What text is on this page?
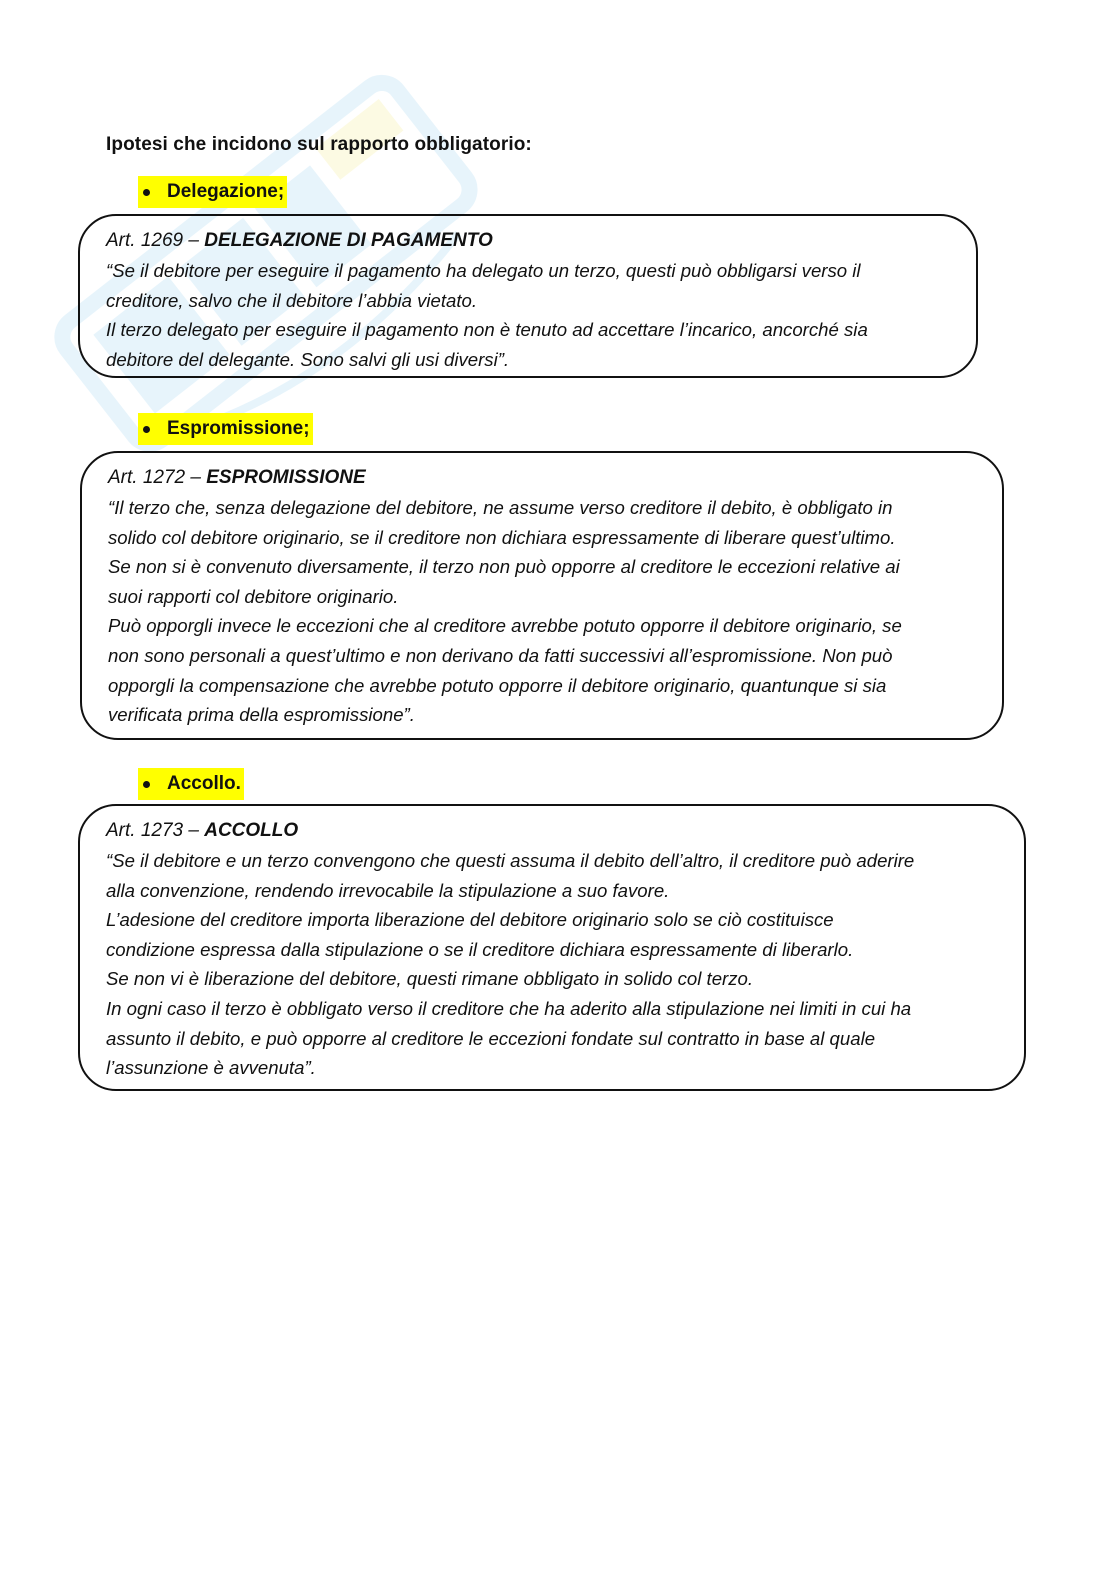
Ipotesi che incidono sul rapporto obbligatorio:
Delegazione;
Art. 1269 – DELEGAZIONE DI PAGAMENTO
“Se il debitore per eseguire il pagamento ha delegato un terzo, questi può obbligarsi verso il
creditore, salvo che il debitore l’abbia vietato.
Il terzo delegato per eseguire il pagamento non è tenuto ad accettare l’incarico, ancorché sia
debitore del delegante. Sono salvi gli usi diversi”.
Espromissione;
Art. 1272 – ESPROMISSIONE
“Il terzo che, senza delegazione del debitore, ne assume verso creditore il debito, è obbligato in
solido col debitore originario, se il creditore non dichiara espressamente di liberare quest’ultimo.
Se non si è convenuto diversamente, il terzo non può opporre al creditore le eccezioni relative ai
suoi rapporti col debitore originario.
Può opporgli invece le eccezioni che al creditore avrebbe potuto opporre il debitore originario, se
non sono personali a quest’ultimo e non derivano da fatti successivi all’espromissione. Non può
opporgli la compensazione che avrebbe potuto opporre il debitore originario, quantunque si sia
verificata prima della espromissione”.
Accollo.
Art. 1273 – ACCOLLO
“Se il debitore e un terzo convengono che questi assuma il debito dell’altro, il creditore può aderire
alla convenzione, rendendo irrevocabile la stipulazione a suo favore.
L’adesione del creditore importa liberazione del debitore originario solo se ciò costituisce
condizione espressa dalla stipulazione o se il creditore dichiara espressamente di liberarlo.
Se non vi è liberazione del debitore, questi rimane obbligato in solido col terzo.
In ogni caso il terzo è obbligato verso il creditore che ha aderito alla stipulazione nei limiti in cui ha
assunto il debito, e può opporre al creditore le eccezioni fondate sul contratto in base al quale
l’assunzione è avvenuta”.
